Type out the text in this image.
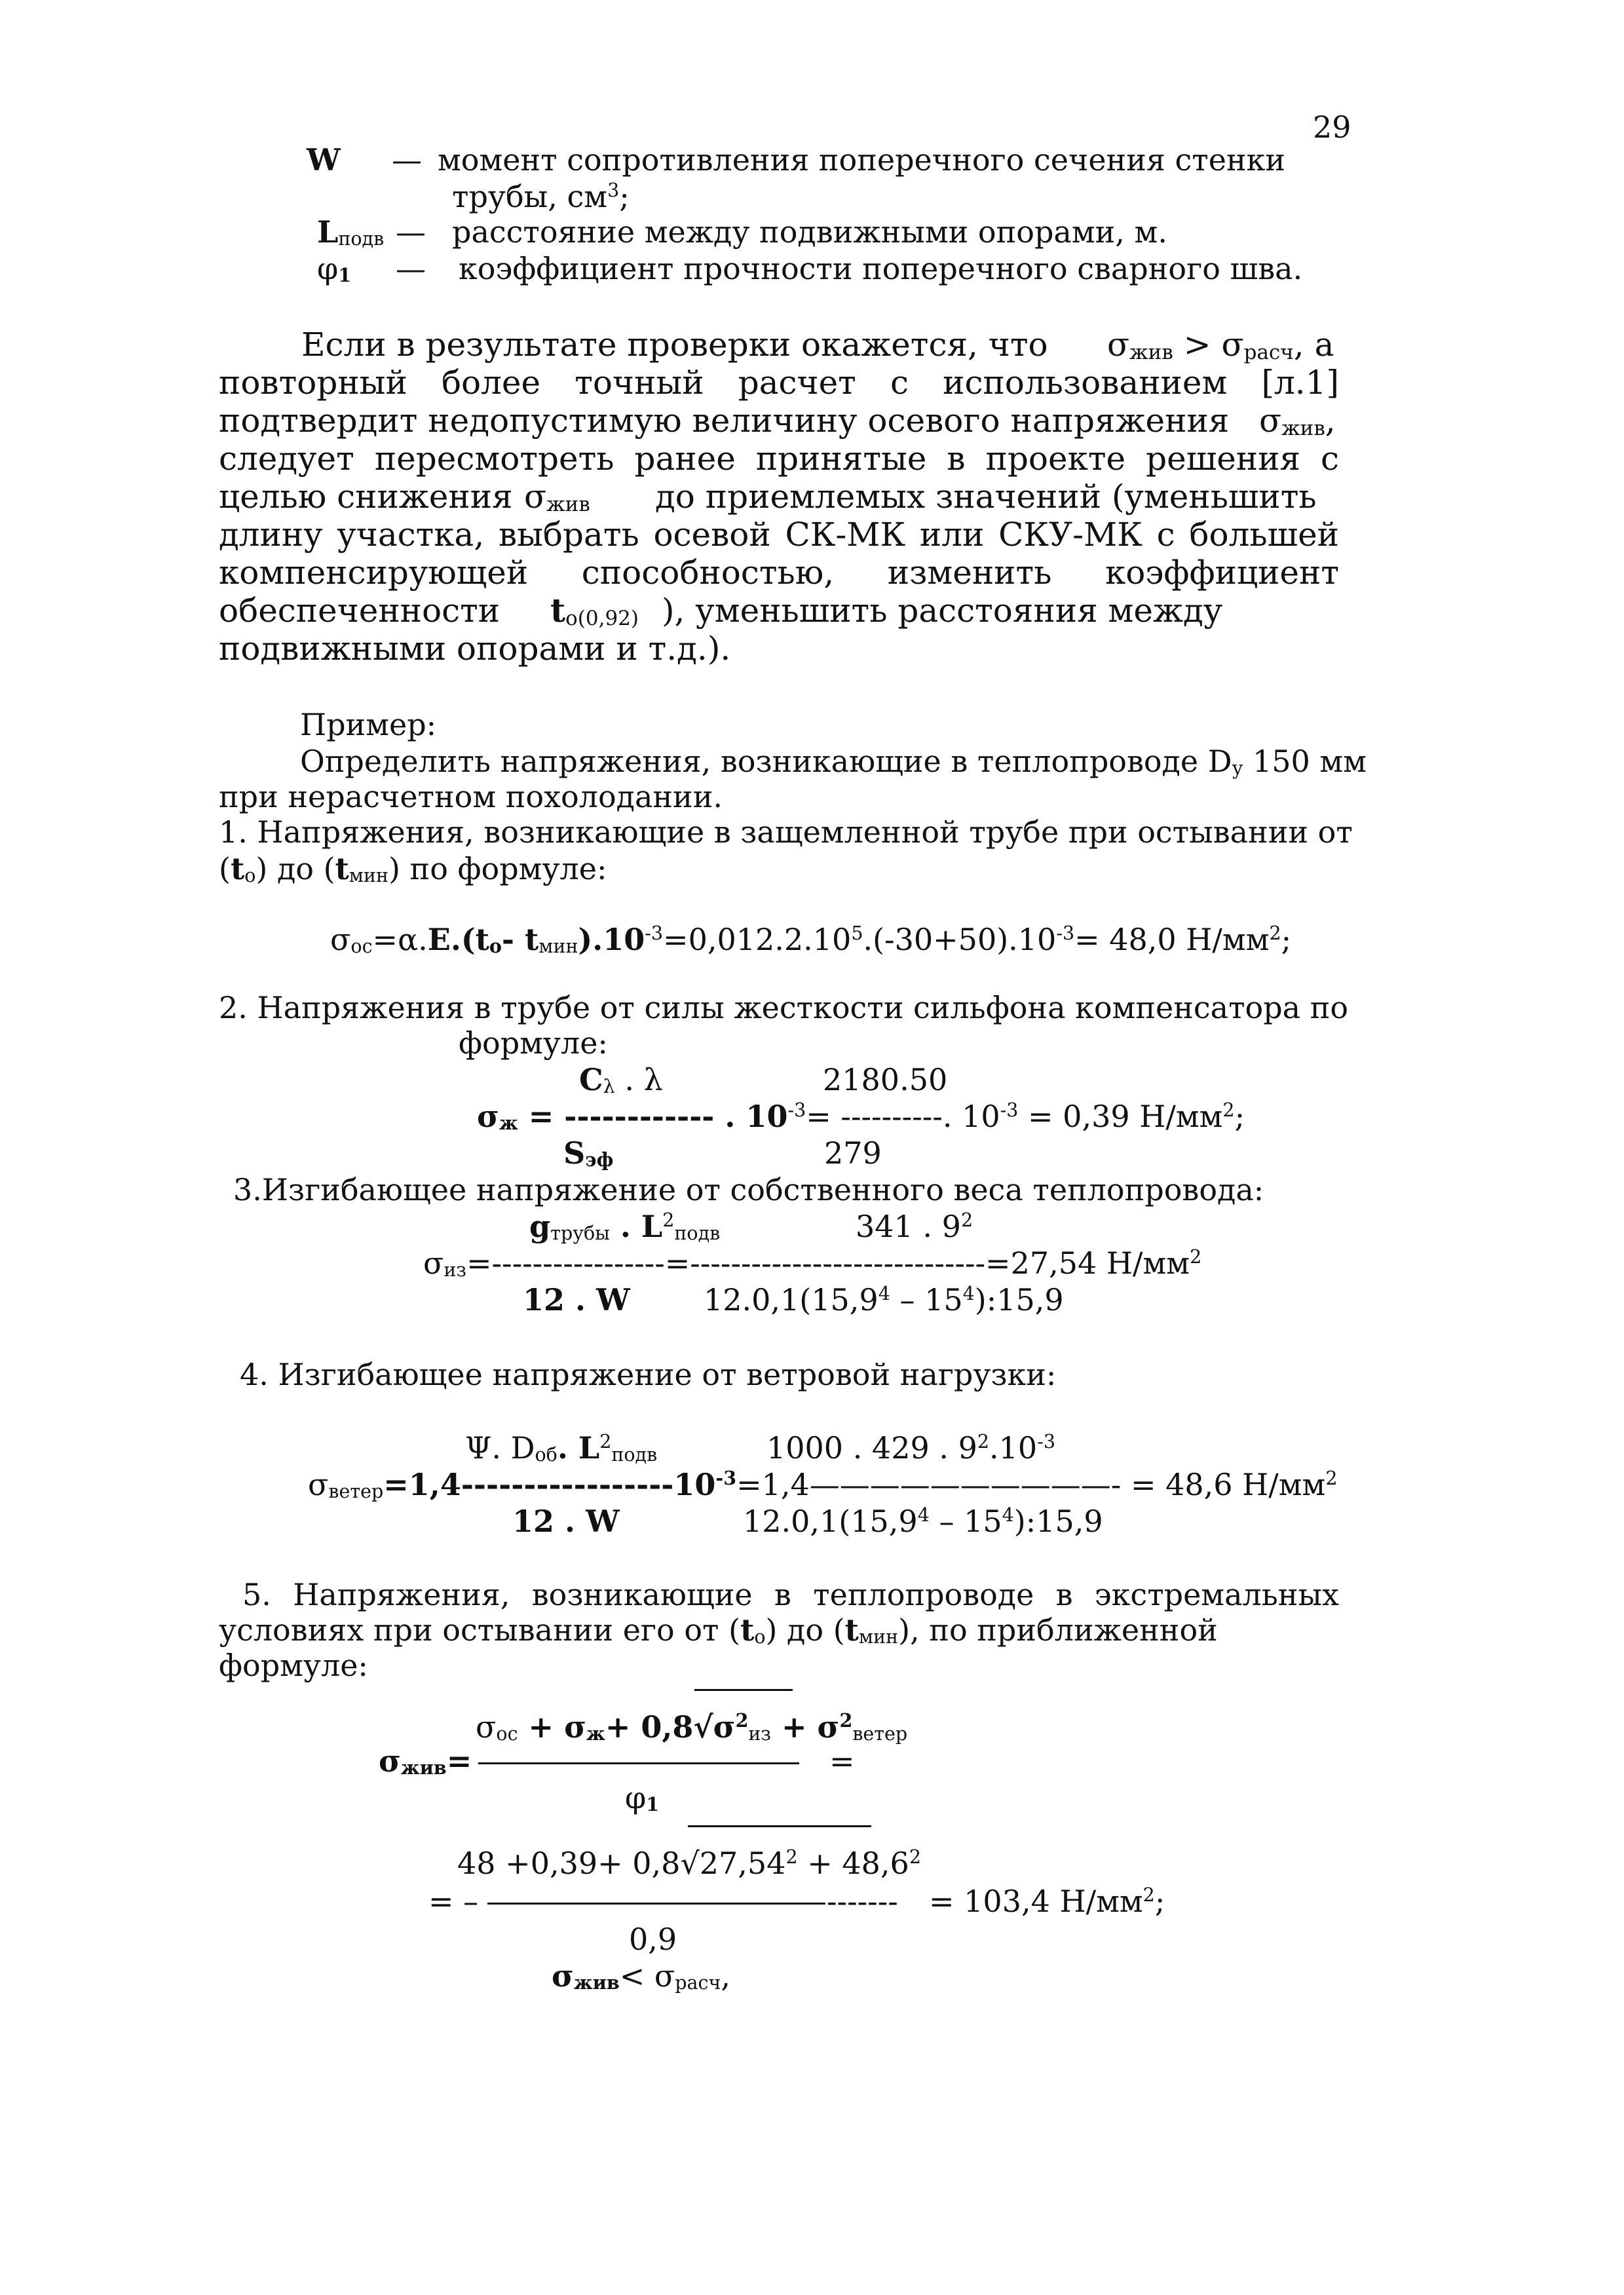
29
W — момент сопротивления поперечного сечения стенки
трубы, $см^3$;
$L_{подв}$ — расстояние между подвижными опорами, м.
$\varphi_1$ — коэффициент прочности поперечного сварного шва.
Если в результате проверки окажется, что $\sigma_{жив} > \sigma_{расч}$, а
повторный более точный расчет с использованием [л.1]
подтвердит недопустимую величину осевого напряжения $\sigma_{жив}$,
следует пересмотреть ранее принятые в проекте решения с
целью снижения $\sigma_{жив}$ до приемлемых значений (уменьшить
длину участка, выбрать осевой СК-МК или СКУ-МК с большей
компенсирующей способностью, изменить коэффициент
обеспеченности $t_{о(0,92)}$ ), уменьшить расстояния между
подвижными опорами и т.д.).
Пример:
Определить напряжения, возникающие в теплопроводе $D_у$ 150 мм
при нерасчетном похолодании.
1. Напряжения, возникающие в защемленной трубе при остывании от
$(t_о)$ до $(t_{мин})$ по формуле:
$\sigma_{ос}=\alpha.E.(t_о-$ $t_{мин}).10^{-3}=0,012.2.10^5.(-30+50).10^{-3}= 48,0$ $Н/мм^2$;
2. Напряжения в трубе от силы жесткости сильфона компенсатора по
формуле:
$C_\lambda$ . λ	2180.50
$\sigma_ж$ = ------------ . $10^{-3}=$ ----------. $10^{-3} = 0,39$ $Н/мм^2$;
$S_{эф}$	279
3.Изгибающее напряжение от собственного веса теплопровода:
$g_{трубы}$ . $L^2_{подв}$	341 . $9^2$
$\sigma_{из}=-----------------=-----------------------------=27,54$ $Н/мм^2$
12 . W $12.0,1(15,9^4 - 15^4):15,9$
4. Изгибающее напряжение от ветровой нагрузки:
Ψ. $D_{об}$. $L^2_{подв}$	1000 . 429 . $9^2.10^{-3}$
$\sigma_{ветер}=1,4-----------------10^{-3}=1,4——————————- = 48,6$ $Н/мм^2$
12 . W	$12.0,1(15,9^4 - 15^4):15,9$
5. Напряжения, возникающие в теплопроводе в экстремальных
условиях при остывании его от $(t_о)$ до $(t_{мин})$, по приближенной
формуле:
$\sigma_{ос} + \sigma_ж+ 0,8√\sigma^2_{из} + \sigma^2_{ветер}$
$\sigma_{жив}=$	=
$\varphi_1$
$48 +0,39+ 0,8√27,54^2 + 48,6^2$
= –	------- = 103,4 $Н/мм^2$;
0,9
$\sigma_{жив}< \sigma_{расч}$,
